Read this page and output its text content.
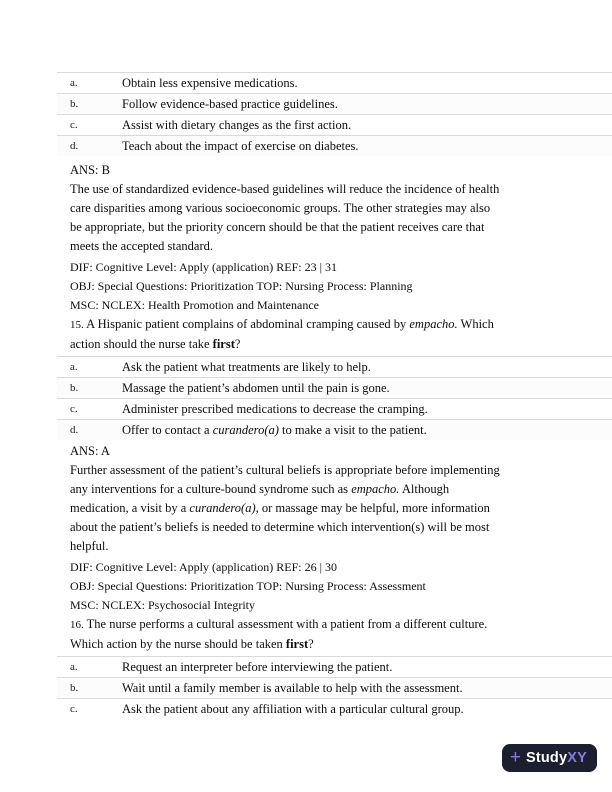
a.	Obtain less expensive medications.
b.	Follow evidence-based practice guidelines.
c.	Assist with dietary changes as the first action.
d.	Teach about the impact of exercise on diabetes.
ANS: B
The use of standardized evidence-based guidelines will reduce the incidence of health
care disparities among various socioeconomic groups. The other strategies may also
be appropriate, but the priority concern should be that the patient receives care that
meets the accepted standard.
DIF: Cognitive Level: Apply (application) REF: 23 | 31
OBJ: Special Questions: Prioritization TOP: Nursing Process: Planning
MSC: NCLEX: Health Promotion and Maintenance
15. A Hispanic patient complains of abdominal cramping caused by empacho. Which
action should the nurse take first?
a.	Ask the patient what treatments are likely to help.
b.	Massage the patient’s abdomen until the pain is gone.
c.	Administer prescribed medications to decrease the cramping.
d.	Offer to contact a curandero(a) to make a visit to the patient.
ANS: A
Further assessment of the patient’s cultural beliefs is appropriate before implementing
any interventions for a culture-bound syndrome such as empacho. Although
medication, a visit by a curandero(a), or massage may be helpful, more information
about the patient’s beliefs is needed to determine which intervention(s) will be most
helpful.
DIF: Cognitive Level: Apply (application) REF: 26 | 30
OBJ: Special Questions: Prioritization TOP: Nursing Process: Assessment
MSC: NCLEX: Psychosocial Integrity
16. The nurse performs a cultural assessment with a patient from a different culture.
Which action by the nurse should be taken first?
a.	Request an interpreter before interviewing the patient.
b.	Wait until a family member is available to help with the assessment.
c.	Ask the patient about any affiliation with a particular cultural group.
+ StudyXY
